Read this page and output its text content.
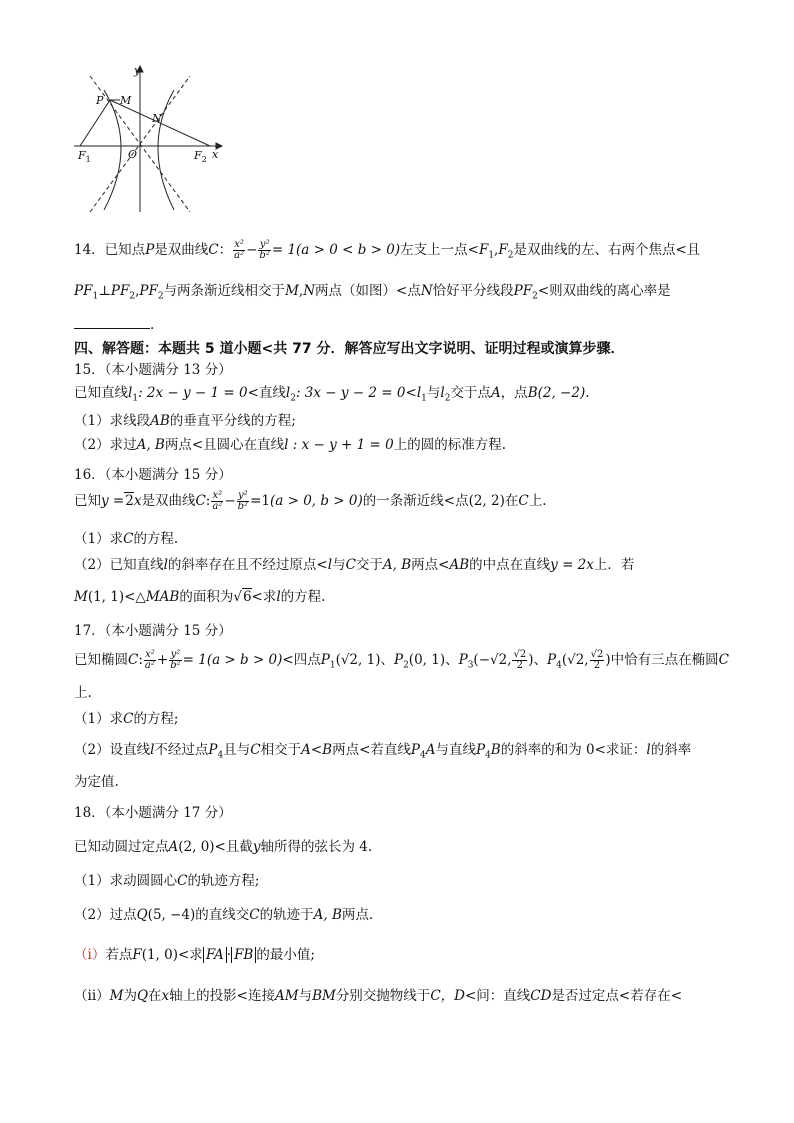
y
x
P M
N
O
$F_1$	$F_2$
14．已知点P是双曲线C： $\frac{\text{x²}}{\text{a²}} - \frac{\text{y²}}{\text{b²}} = 1(a > 0 < b > 0)$左支上一点$<F_1,F_2$是双曲线的左、右两个焦点<且
$PF_1\perp PF_2,PF_2$与两条渐近线相交于M,N两点（如图）<点N恰好平分线段$PF_2<$则双曲线的离心率是
.
四、解答题：本题共 5 道小题<共 77 分．解答应写出文字说明、证明过程或演算步骤．
15．（本小题满分 13 分）
已知直线$l_1$: 2x − y − 1 = 0<直线$l_2$: $3x - y - 2 = 0<l_1$与$l_2$交于点A，点B(2, −2).
（1）求线段AB的垂直平分线的方程;
（2）求过A, B两点<且圆心在直线l : x − y + 1 = 0上的圆的标准方程.
16．（本小题满分 15 分）
已知y =2x是双曲线C: $\frac{\text{x²}}{\text{a²}} - \frac{\text{y²}}{\text{b²}} =1(a > 0$, b > 0)的一条渐近线<点(2, 2)在C上.
（1）求C的方程.
（2）已知直线l的斜率存在且不经过原点<l与C交于A, B两点<AB的中点在直线y = 2x上．若
M(1, 1)<△MAB的面积为√6<求l的方程.
17．（本小题满分 15 分）
已知椭圆C: $\frac{\text{x²}}{\text{a²}} + \frac{\text{y²}}{\text{b²}} = 1(a > b > 0)<$四点$P_1(√2$, 1)、$P_2(0$, 1)、$P_3(-√2$, $\frac{√2}{2}$ )、$P_4(√2$, $\frac{√2}{2}$ )中恰有三点在椭圆C
上.
（1）求C的方程;
（2）设直线l不经过点$P_4$且与C相交于A<B两点<若直线$P_4A$与直线$P_4B$的斜率的和为 0<求证：l的斜率
为定值.
18．（本小题满分 17 分）
已知动圆过定点A(2, 0)<且截y轴所得的弦长为 4.
（1）求动圆圆心C的轨迹方程;
（2）过点Q(5, −4)的直线交C的轨迹于A, B两点.
（i）若点F(1, 0)<求 FA · FB 的最小值;
（ii）M为Q在x轴上的投影<连接AM与BM分别交抛物线于C，D<问：直线CD是否过定点<若存在<
